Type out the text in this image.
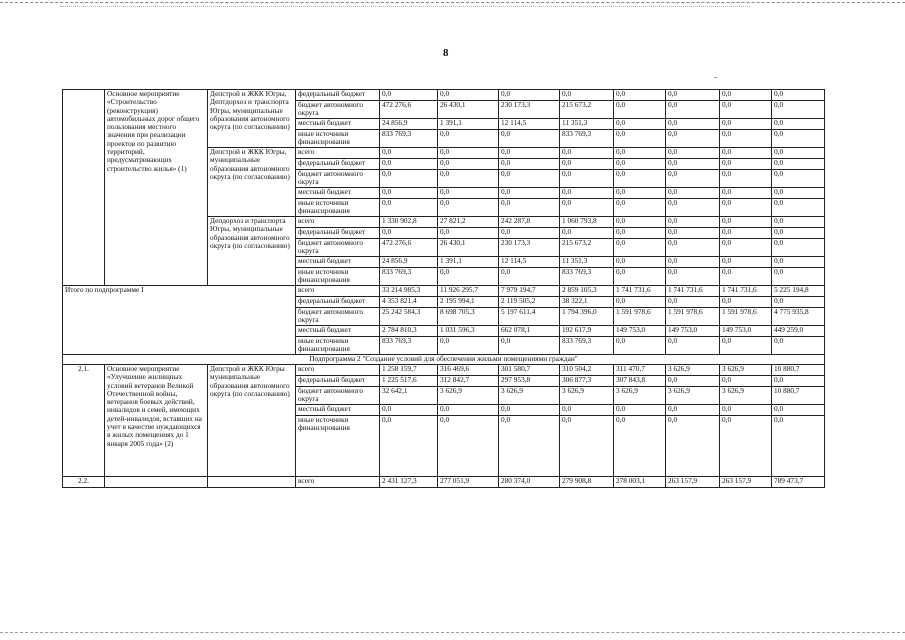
8
	Основное мероприятие «Строительство (реконструкция) автомобильных дорог общего пользования местного значения при реализации проектов по развитию территорий, предусматривающих строительство жилья» (1)	Депстрой и ЖКК Югры, Дептдорхоз и транспорта Югры, муниципальные образования автономного округа (по согласованию)	федеральный бюджет	0,0	0,0	0,0	0,0	0,0	0,0	0,0	0,0
			бюджет автономного округа	472 276,6	26 430,1	230 173,3	215 673,2	0,0	0,0	0,0	0,0
			местный бюджет	24 856,9	1 391,1	12 114,5	11 351,3	0,0	0,0	0,0	0,0
			иные источники финансирования	833 769,3	0,0	0,0	833 769,3	0,0	0,0	0,0	0,0
		Депстрой и ЖКК Югры, муниципальные образования автономного округа (по согласованию)	всего	0,0	0,0	0,0	0,0	0,0	0,0	0,0	0,0
			федеральный бюджет	0,0	0,0	0,0	0,0	0,0	0,0	0,0	0,0
			бюджет автономного округа	0,0	0,0	0,0	0,0	0,0	0,0	0,0	0,0
			местный бюджет	0,0	0,0	0,0	0,0	0,0	0,0	0,0	0,0
			иные источники финансирования	0,0	0,0	0,0	0,0	0,0	0,0	0,0	0,0
		Депдорхоз и транспорта Югры, муниципальные образования автономного округа (по согласованию)	всего	1 330 902,8	27 821,2	242 287,8	1 060 793,8	0,0	0,0	0,0	0,0
			федеральный бюджет	0,0	0,0	0,0	0,0	0,0	0,0	0,0	0,0
			бюджет автономного округа	472 276,6	26 430,1	230 173,3	215 673,2	0,0	0,0	0,0	0,0
			местный бюджет	24 856,9	1 391,1	12 114,5	11 351,3	0,0	0,0	0,0	0,0
			иные источники финансирования	833 769,3	0,0	0,0	833 769,3	0,0	0,0	0,0	0,0
Итого по подпрограмме I			всего	33 214 985,3	11 926 295,7	7 979 194,7	2 859 105,3	1 741 731,6	1 741 731,6	1 741 731,6	5 225 194,8
			федеральный бюджет	4 353 821,4	2 195 994,1	2 119 505,2	38 322,1	0,0	0,0	0,0	0,0
			бюджет автономного округа	25 242 584,3	8 698 705,3	5 197 611,4	1 794 396,0	1 591 978,6	1 591 978,6	1 591 978,6	4 775 935,8
			местный бюджет	2 784 810,3	1 031 596,3	662 078,1	192 617,9	149 753,0	149 753,0	149 753,0	449 259,0
			иные источники финансирования	833 769,3	0,0	0,0	833 769,3	0,0	0,0	0,0	0,0
Подпрограмма 2 "Создание условий для обеспечения жильми помещениями граждан"											
2.1.	Основное мероприятие «Улучшение жилищных условий ветеранов Великой Отечественной войны, ветеранов боевых действий, инвалидов и семей, имеющих детей-инвалидов, вставших на учет в качестве нуждающихся в жилых помещениях до 1 января 2005 года» (2)	Депстрой и ЖКК Югры муниципальные образования автономного округа (по согласованию)	всего	1 258 159,7	316 469,6	301 580,7	310 504,2	311 470,7	3 626,9	3 626,9	10 880,7
			федеральный бюджет	1 225 517,6	312 842,7	297 953,8	306 877,3	307 843,8	0,0	0,0	0,0
			бюджет автономного округа	32 642,1	3 626,9	3 626,9	3 626,9	3 626,9	3 626,9	3 626,9	10 880,7
			местный бюджет	0,0	0,0	0,0	0,0	0,0	0,0	0,0	0,0
			иные источники финансирования	0,0	0,0	0,0	0,0	0,0	0,0	0,0	0,0
2.2.			всего	2 431 127,3	277 051,9	280 374,0	279 908,8	278 003,1	263 157,9	263 157,9	789 473,7
